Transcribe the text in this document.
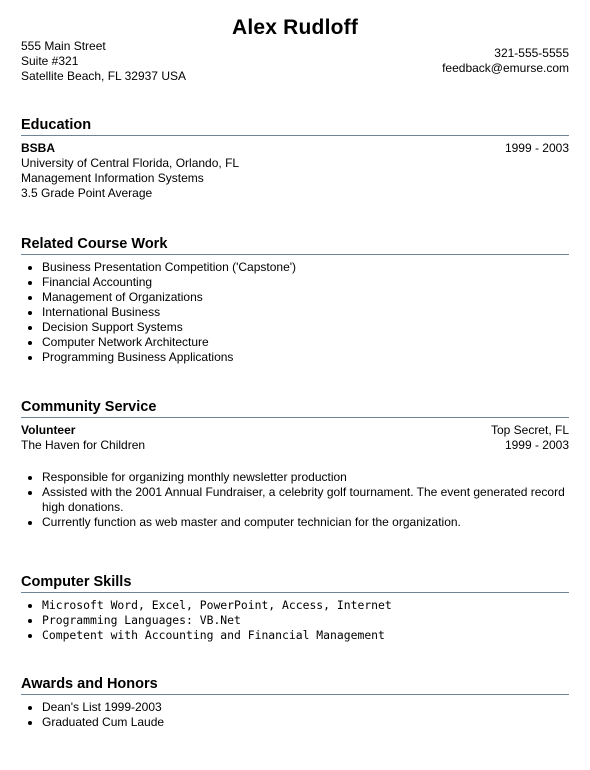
Alex Rudloff
555 Main Street
Suite #321
Satellite Beach, FL 32937 USA
321-555-5555
feedback@emurse.com
Education
BSBA	1999 - 2003
University of Central Florida, Orlando, FL
Management Information Systems
3.5 Grade Point Average
Related Course Work
• Business Presentation Competition ('Capstone')
• Financial Accounting
• Management of Organizations
• International Business
• Decision Support Systems
• Computer Network Architecture
• Programming Business Applications
Community Service
Volunteer	Top Secret, FL
The Haven for Children	1999 - 2003
• Responsible for organizing monthly newsletter production
• Assisted with the 2001 Annual Fundraiser, a celebrity golf tournament. The event generated record high donations.
• Currently function as web master and computer technician for the organization.
Computer Skills
• Microsoft Word, Excel, PowerPoint, Access, Internet
• Programming Languages: VB.Net
• Competent with Accounting and Financial Management
Awards and Honors
• Dean's List 1999-2003
• Graduated Cum Laude
